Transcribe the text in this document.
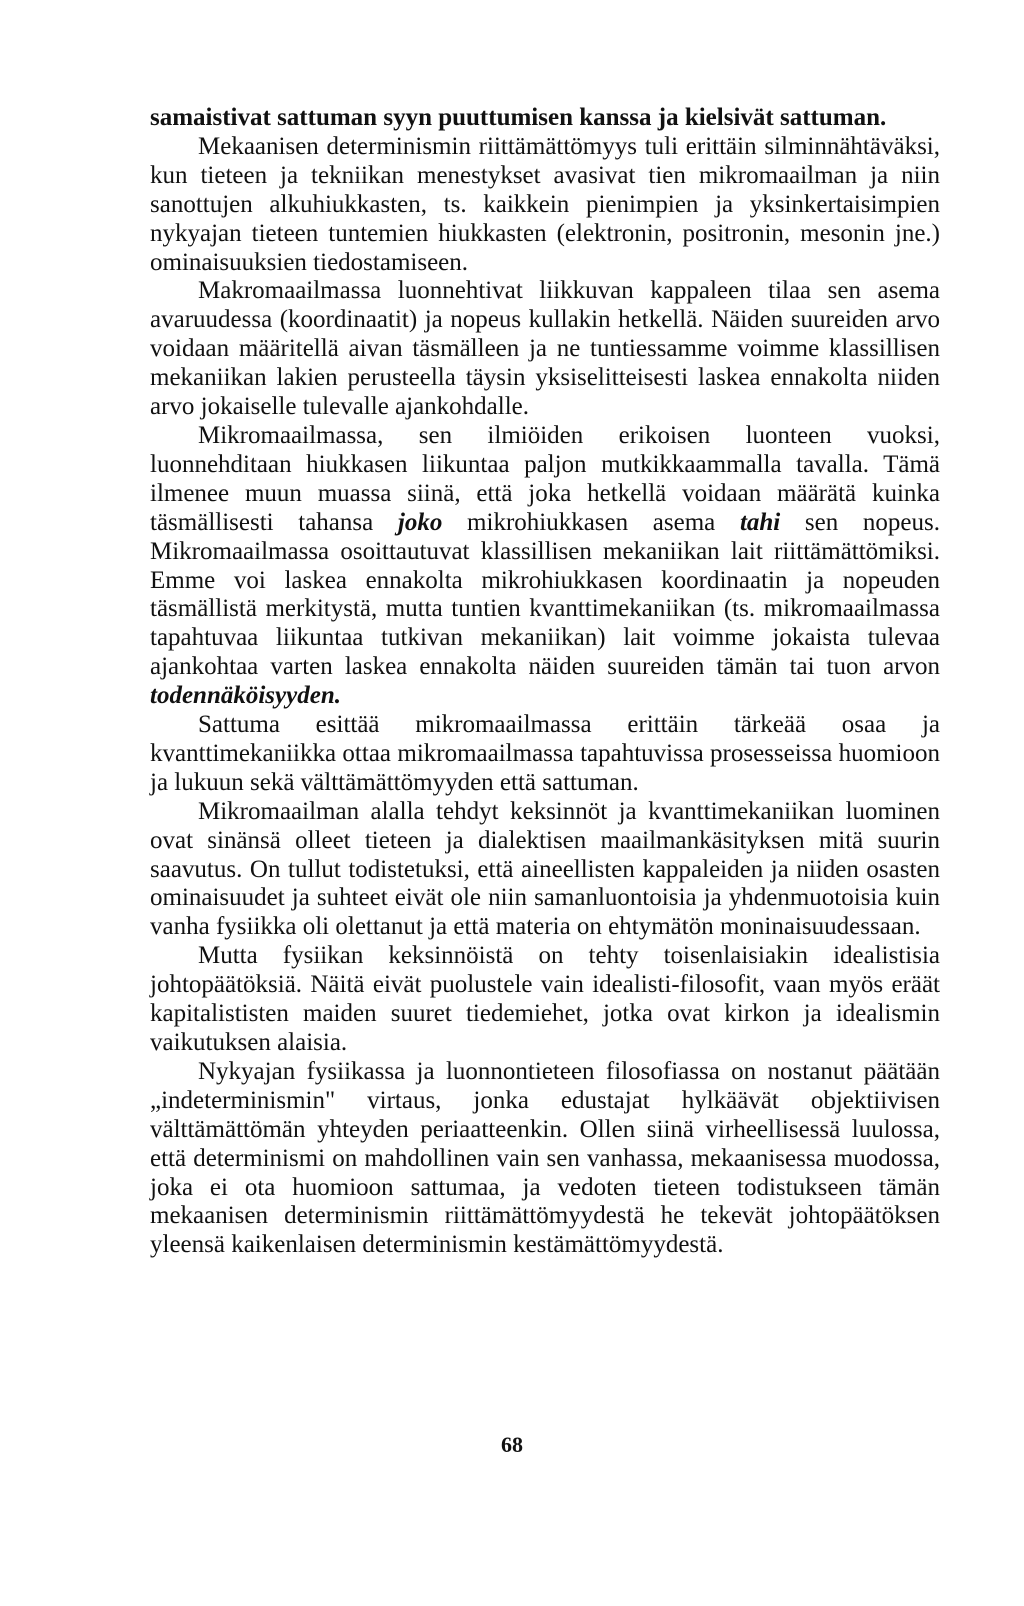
samaistivat sattuman syyn puuttumisen kanssa ja kielsivät sattuman.

Mekaanisen determinismin riittämättömyys tuli erittäin silminnähtäväksi, kun tieteen ja tekniikan menestykset avasivat tien mikromaailman ja niin sanottujen alkuhiukkasten, ts. kaikkein pienimpien ja yksinkertaisimpien nykyajan tieteen tuntemien hiukkasten (elektronin, positronin, mesonin jne.) ominaisuuksien tiedostamiseen.

Makromaailmassa luonnehtivat liikkuvan kappaleen tilaa sen asema avaruudessa (koordinaatit) ja nopeus kullakin hetkellä. Näiden suureiden arvo voidaan määritellä aivan täsmälleen ja ne tuntiessamme voimme klassillisen mekaniikan lakien perusteella täysin yksiselitteisesti laskea ennakolta niiden arvo jokaiselle tulevalle ajankohdalle.

Mikromaailmassa, sen ilmiöiden erikoisen luonteen vuoksi, luonnehditaan hiukkasen liikuntaa paljon mutkikkaammalla tavalla. Tämä ilmenee muun muassa siinä, että joka hetkellä voidaan määrätä kuinka täsmällisesti tahansa joko mikrohiukkasen asema tahi sen nopeus. Mikromaailmassa osoittautuvat klassillisen mekaniikan lait riittämättömiksi. Emme voi laskea ennakolta mikrohiukkasen koordinaatin ja nopeuden täsmällistä merkitystä, mutta tuntien kvanttimekaniikan (ts. mikromaailmassa tapahtuvaa liikuntaa tutkivan mekaniikan) lait voimme jokaista tulevaa ajankohtaa varten laskea ennakolta näiden suureiden tämän tai tuon arvon todennäköisyyden.

Sattuma esittää mikromaailmassa erittäin tärkeää osaa ja kvanttimekaniikka ottaa mikromaailmassa tapahtuvissa prosesseissa huomioon ja lukuun sekä välttämättömyyden että sattuman.

Mikromaailman alalla tehdyt keksinnöt ja kvanttimekaniikan luominen ovat sinänsä olleet tieteen ja dialektisen maailmankäsityksen mitä suurin saavutus. On tullut todistetuksi, että aineellisten kappaleiden ja niiden osasten ominaisuudet ja suhteet eivät ole niin samanluontoisia ja yhdenmuotoisia kuin vanha fysiikka oli olettanut ja että materia on ehtymätön moninaisuudessaan.

Mutta fysiikan keksinnöistä on tehty toisenlaisiakin idealistisia johtopäätöksiä. Näitä eivät puolustele vain idealisti-filosofit, vaan myös eräät kapitalististen maiden suuret tiedemiehet, jotka ovat kirkon ja idealismin vaikutuksen alaisia.

Nykyajan fysiikassa ja luonnontieteen filosofiassa on nostanut päätään „indeterminismin" virtaus, jonka edustajat hylkäävät objektiivisen välttämättömän yhteyden periaatteenkin. Ollen siinä virheellisessä luulossa, että determinismi on mahdollinen vain sen vanhassa, mekaanisessa muodossa, joka ei ota huomioon sattumaa, ja vedoten tieteen todistukseen tämän mekaanisen determinismin riittämättömyydestä he tekevät johtopäätöksen yleensä kaikenlaisen determinismin kestämättömyydestä.

68
